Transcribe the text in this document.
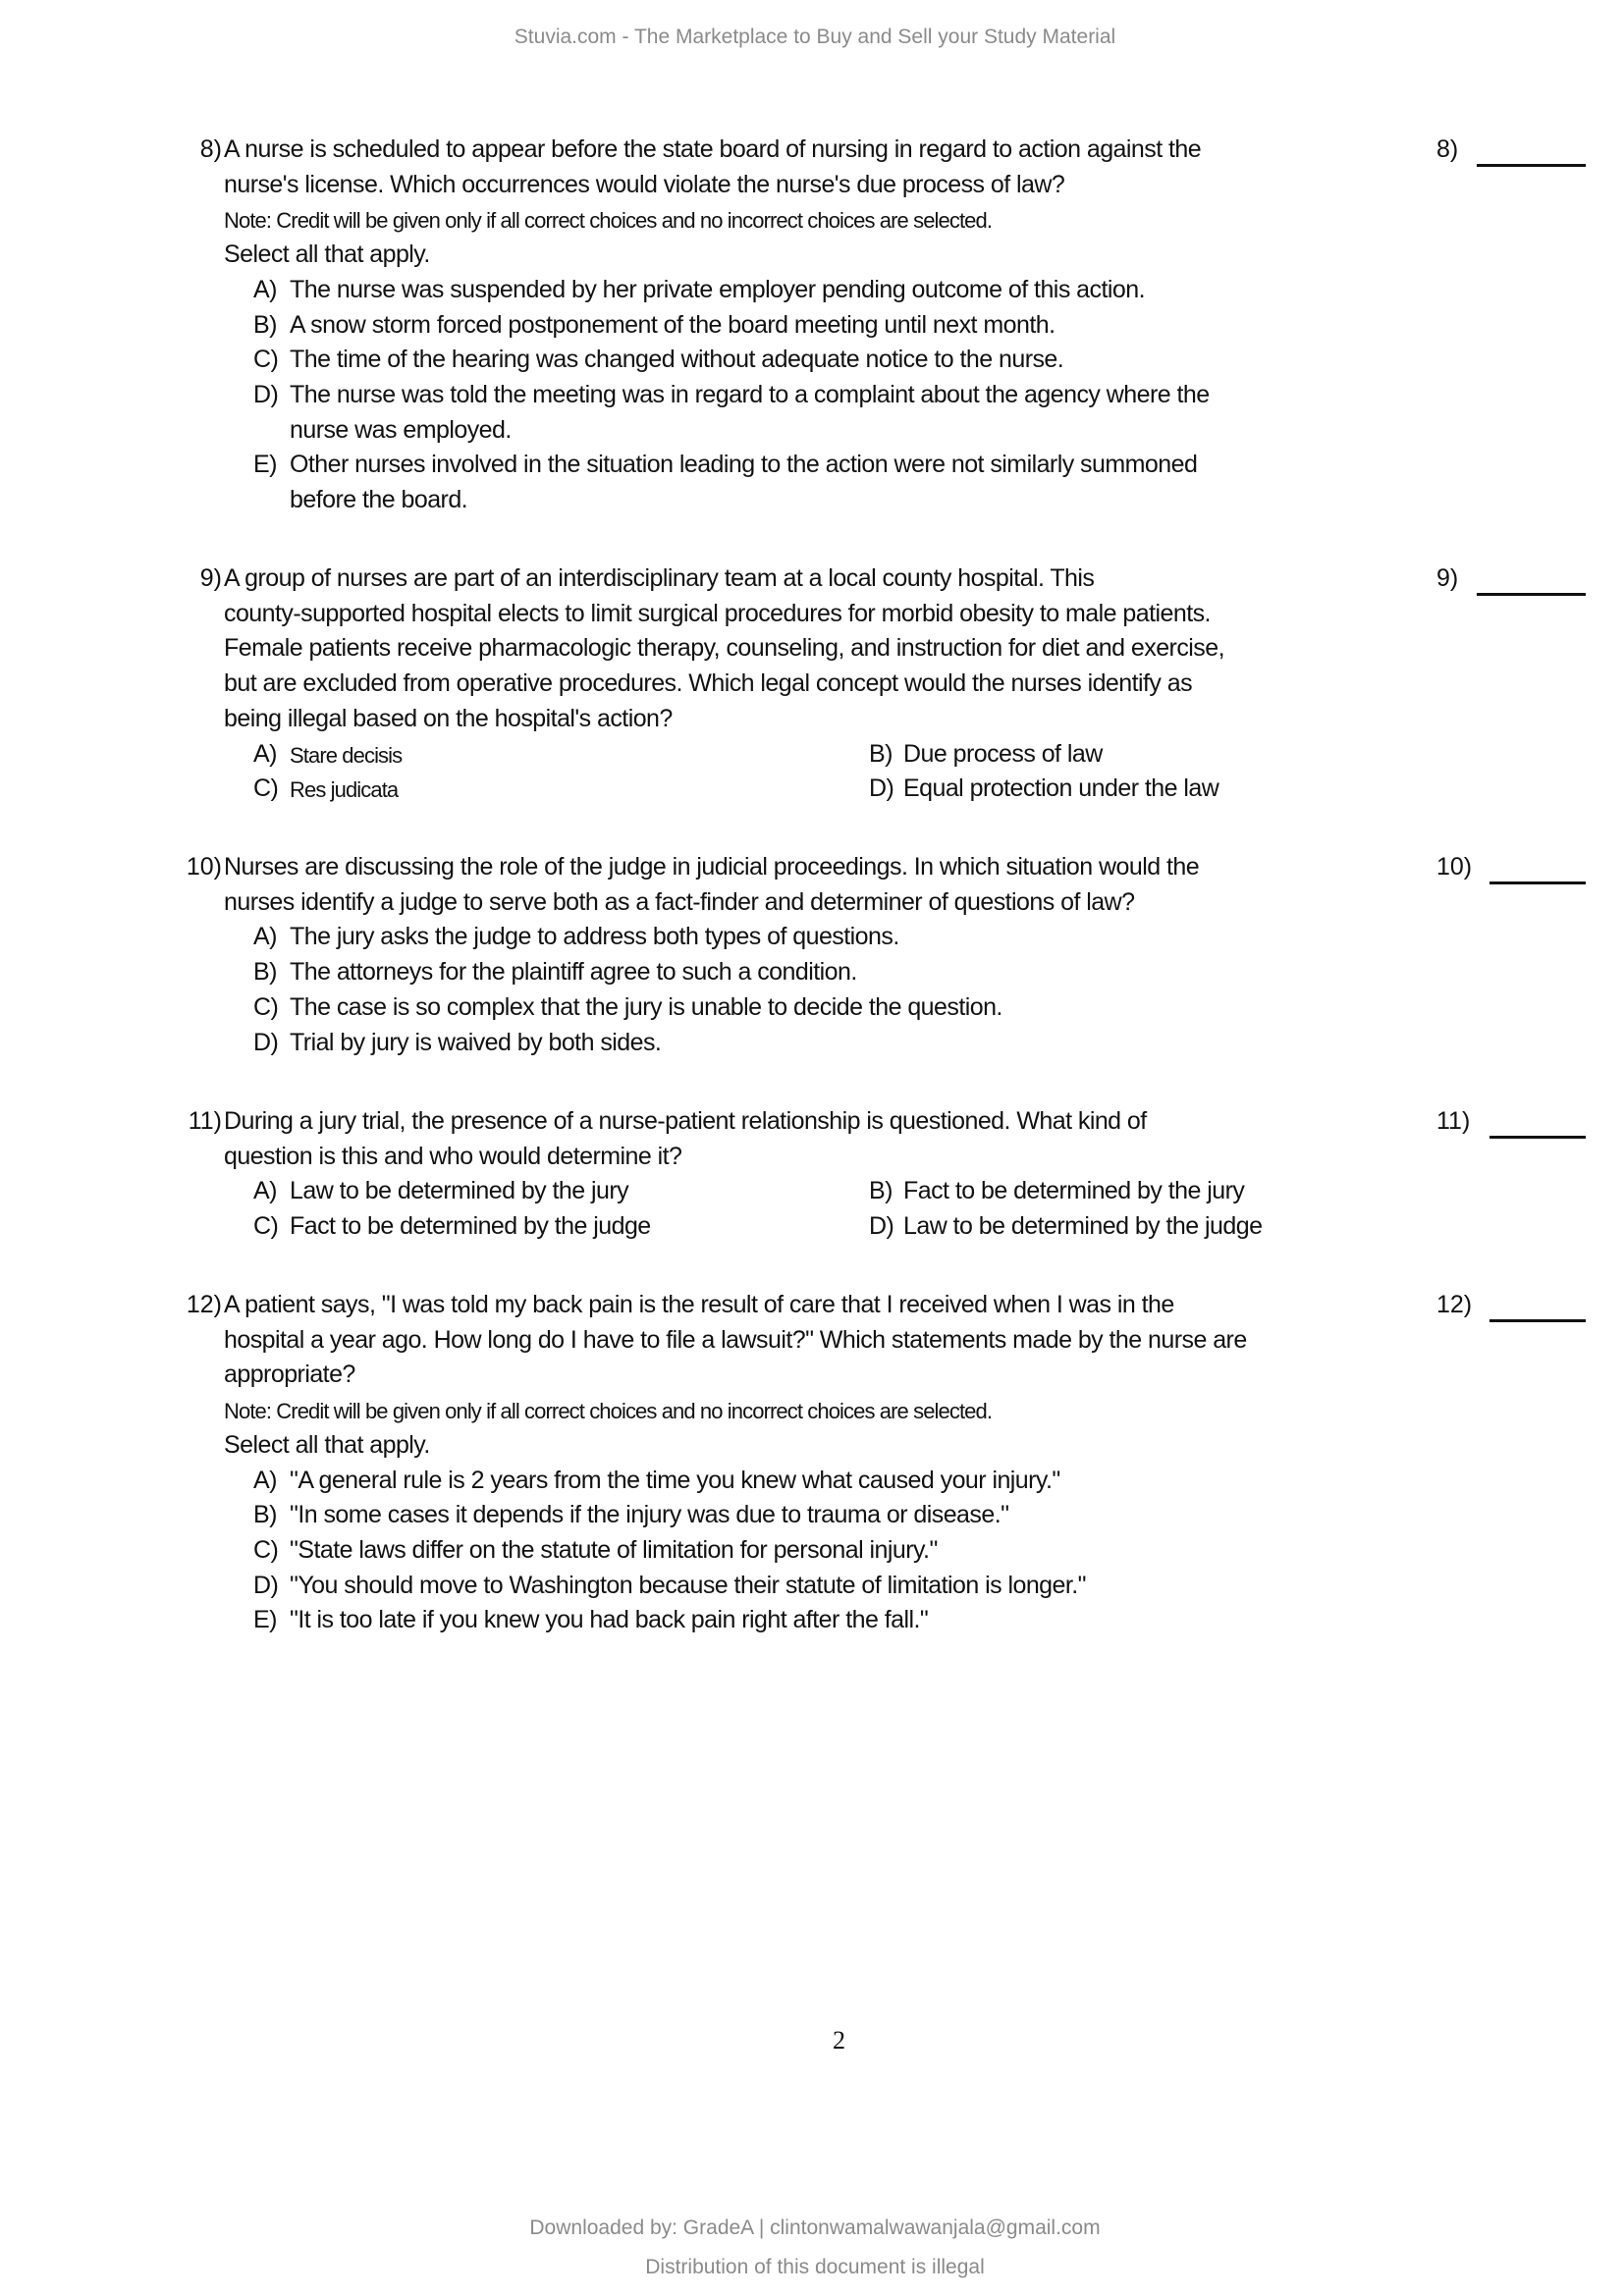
Stuvia.com - The Marketplace to Buy and Sell your Study Material
8)	8)
A nurse is scheduled to appear before the state board of nursing in regard to action against the
nurse's license. Which occurrences would violate the nurse's due process of law?
Note: Credit will be given only if all correct choices and no incorrect choices are selected.
Select all that apply.
A) The nurse was suspended by her private employer pending outcome of this action.
B) A snow storm forced postponement of the board meeting until next month.
C) The time of the hearing was changed without adequate notice to the nurse.
D) The nurse was told the meeting was in regard to a complaint about the agency where the
nurse was employed.
E) Other nurses involved in the situation leading to the action were not similarly summoned
before the board.
9)	9)
A group of nurses are part of an interdisciplinary team at a local county hospital. This
county-supported hospital elects to limit surgical procedures for morbid obesity to male patients.
Female patients receive pharmacologic therapy, counseling, and instruction for diet and exercise,
but are excluded from operative procedures. Which legal concept would the nurses identify as
being illegal based on the hospital's action?
A) Stare decisis	B) Due process of law
C) Res judicata	D) Equal protection under the law
10)	10)
Nurses are discussing the role of the judge in judicial proceedings. In which situation would the
nurses identify a judge to serve both as a fact-finder and determiner of questions of law?
A) The jury asks the judge to address both types of questions.
B) The attorneys for the plaintiff agree to such a condition.
C) The case is so complex that the jury is unable to decide the question.
D) Trial by jury is waived by both sides.
11)	11)
During a jury trial, the presence of a nurse-patient relationship is questioned. What kind of
question is this and who would determine it?
A) Law to be determined by the jury	B) Fact to be determined by the jury
C) Fact to be determined by the judge	D) Law to be determined by the judge
12)	12)
A patient says, "I was told my back pain is the result of care that I received when I was in the
hospital a year ago. How long do I have to file a lawsuit?" Which statements made by the nurse are
appropriate?
Note: Credit will be given only if all correct choices and no incorrect choices are selected.
Select all that apply.
A) "A general rule is 2 years from the time you knew what caused your injury."
B) "In some cases it depends if the injury was due to trauma or disease."
C) "State laws differ on the statute of limitation for personal injury."
D) "You should move to Washington because their statute of limitation is longer."
E) "It is too late if you knew you had back pain right after the fall."
2
Downloaded by: GradeA | clintonwamalwawanjala@gmail.com
Distribution of this document is illegal
